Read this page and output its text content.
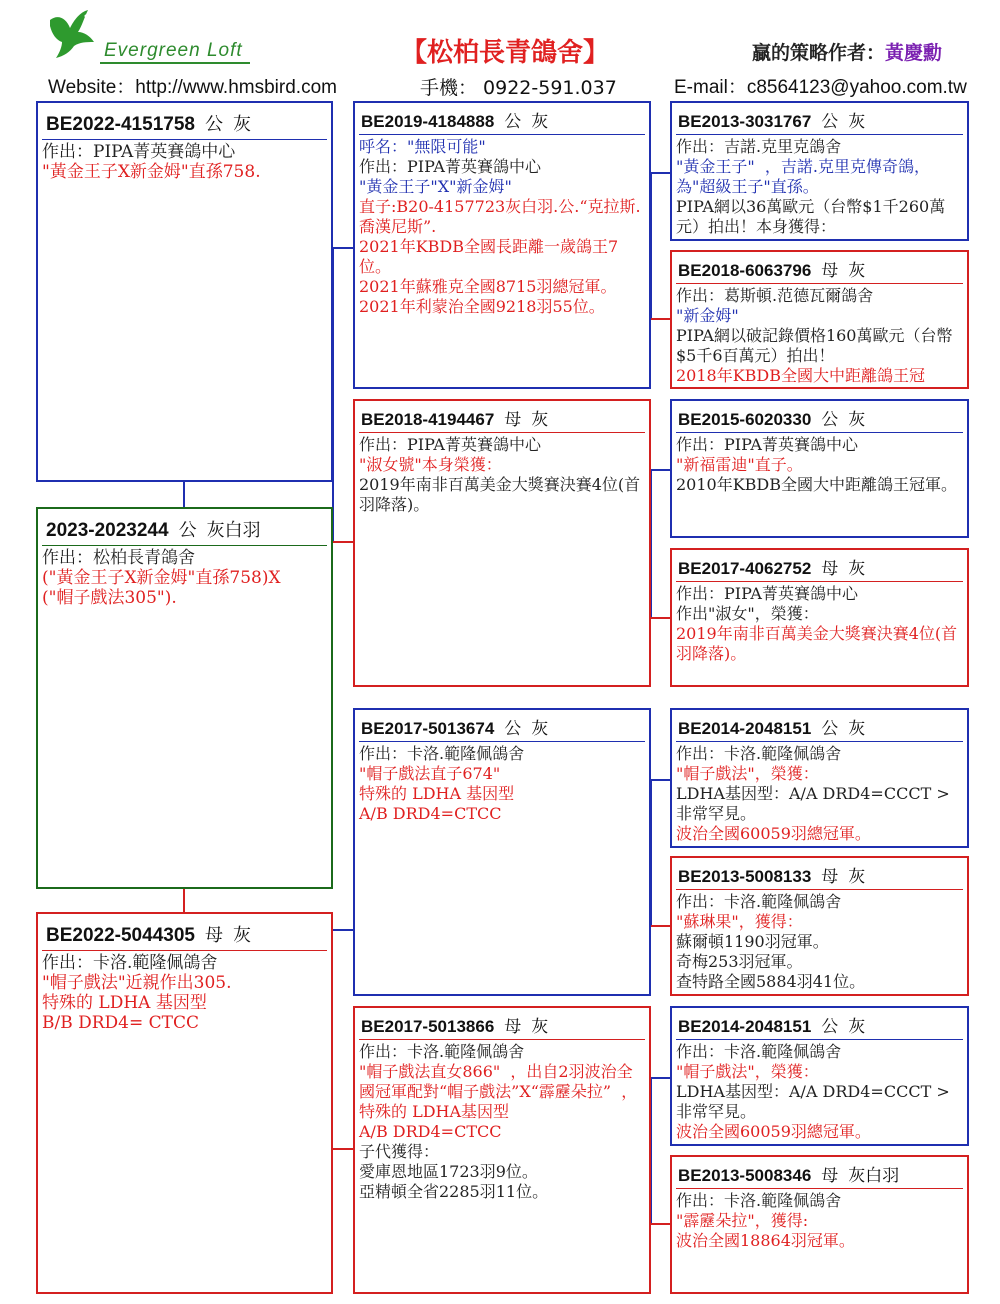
Evergreen Loft	【松柏長青鴿舍】	贏的策略作者：黃慶勳
Website：http://www.hmsbird.com	手機： 0922-591.037	E-mail：c8564123@yahoo.com.tw
BE2022-4151758 公 灰
作出：PIPA菁英賽鴿中心
"黃金王子X新金姆"直孫758.
2023-2023244 公 灰白羽
作出：松柏長青鴿舍
("黃金王子X新金姆"直孫758)X
("帽子戲法305").
BE2022-5044305 母 灰
作出：卡洛.範隆佩鴿舍
"帽子戲法"近親作出305.
特殊的 LDHA 基因型
B/B DRD4= CTCC
BE2019-4184888 公 灰
呼名："無限可能"
作出：PIPA菁英賽鴿中心
"黃金王子"X"新金姆"
直子:B20-4157723灰白羽.公.“克拉斯.喬漢尼斯”.
2021年KBDB全國長距離一歲鴿王7位。
2021年蘇雅克全國8715羽總冠軍。
2021年利蒙治全國9218羽55位。
BE2018-4194467 母 灰
作出：PIPA菁英賽鴿中心
"淑女號"本身榮獲：
2019年南非百萬美金大獎賽決賽4位(首羽降落)。
BE2017-5013674 公 灰
作出：卡洛.範隆佩鴿舍
"帽子戲法直子674"
特殊的 LDHA 基因型
A/B DRD4=CTCC
BE2017-5013866 母 灰
作出：卡洛.範隆佩鴿舍
"帽子戲法直女866"  ，出自2羽波治全國冠軍配對“帽子戲法”X“霹靂朵拉”  ，
特殊的 LDHA基因型
A/B DRD4=CTCC
子代獲得：
愛庫恩地區1723羽9位。
亞精頓全省2285羽11位。
BE2013-3031767 公 灰
作出：吉諾.克里克鴿舍
"黃金王子"  ，吉諾.克里克傳奇鴿，為"超級王子"直孫。
PIPA網以36萬歐元（台幣$1千260萬元）拍出！本身獲得：
BE2018-6063796 母 灰
作出：葛斯頓.范德瓦爾鴿舍
"新金姆"
PIPA網以破記錄價格160萬歐元（台幣$5千6百萬元）拍出！
2018年KBDB全國大中距離鴿王冠
BE2015-6020330 公 灰
作出：PIPA菁英賽鴿中心
"新福雷迪"直子。
2010年KBDB全國大中距離鴿王冠軍。
BE2017-4062752 母 灰
作出：PIPA菁英賽鴿中心
作出"淑女"，榮獲：
2019年南非百萬美金大獎賽決賽4位(首羽降落)。
BE2014-2048151 公 灰
作出：卡洛.範隆佩鴿舍
"帽子戲法"，榮獲：
LDHA基因型：A/A DRD4=CCCT >非常罕見。
波治全國60059羽總冠軍。
BE2013-5008133 母 灰
作出：卡洛.範隆佩鴿舍
"蘇琳果"，獲得：
蘇爾頓1190羽冠軍。
奇梅253羽冠軍。
查特路全國5884羽41位。
BE2014-2048151 公 灰
作出：卡洛.範隆佩鴿舍
"帽子戲法"，榮獲：
LDHA基因型：A/A DRD4=CCCT >非常罕見。
波治全國60059羽總冠軍。
BE2013-5008346 母 灰白羽
作出：卡洛.範隆佩鴿舍
"霹靂朵拉"，獲得:
波治全國18864羽冠軍。
